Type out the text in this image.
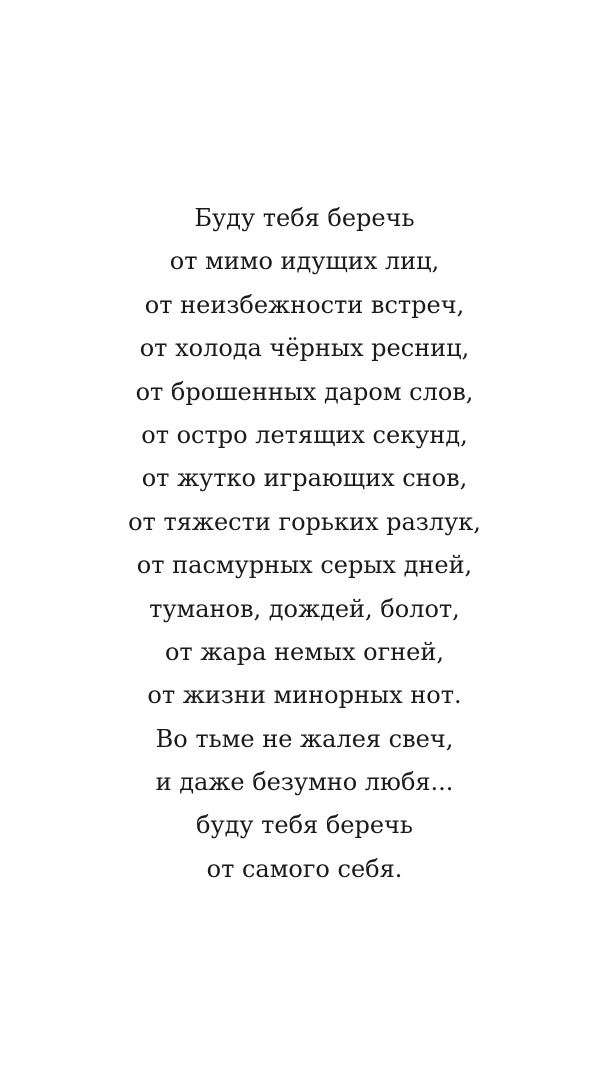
Буду тебя беречь
от мимо идущих лиц,
от неизбежности встреч,
от холода чёрных ресниц,
от брошенных даром слов,
от остро летящих секунд,
от жутко играющих снов,
от тяжести горьких разлук,
от пасмурных серых дней,
туманов, дождей, болот,
от жара немых огней,
от жизни минорных нот.
Во тьме не жалея свеч,
и даже безумно любя...
буду тебя беречь
от самого себя.
